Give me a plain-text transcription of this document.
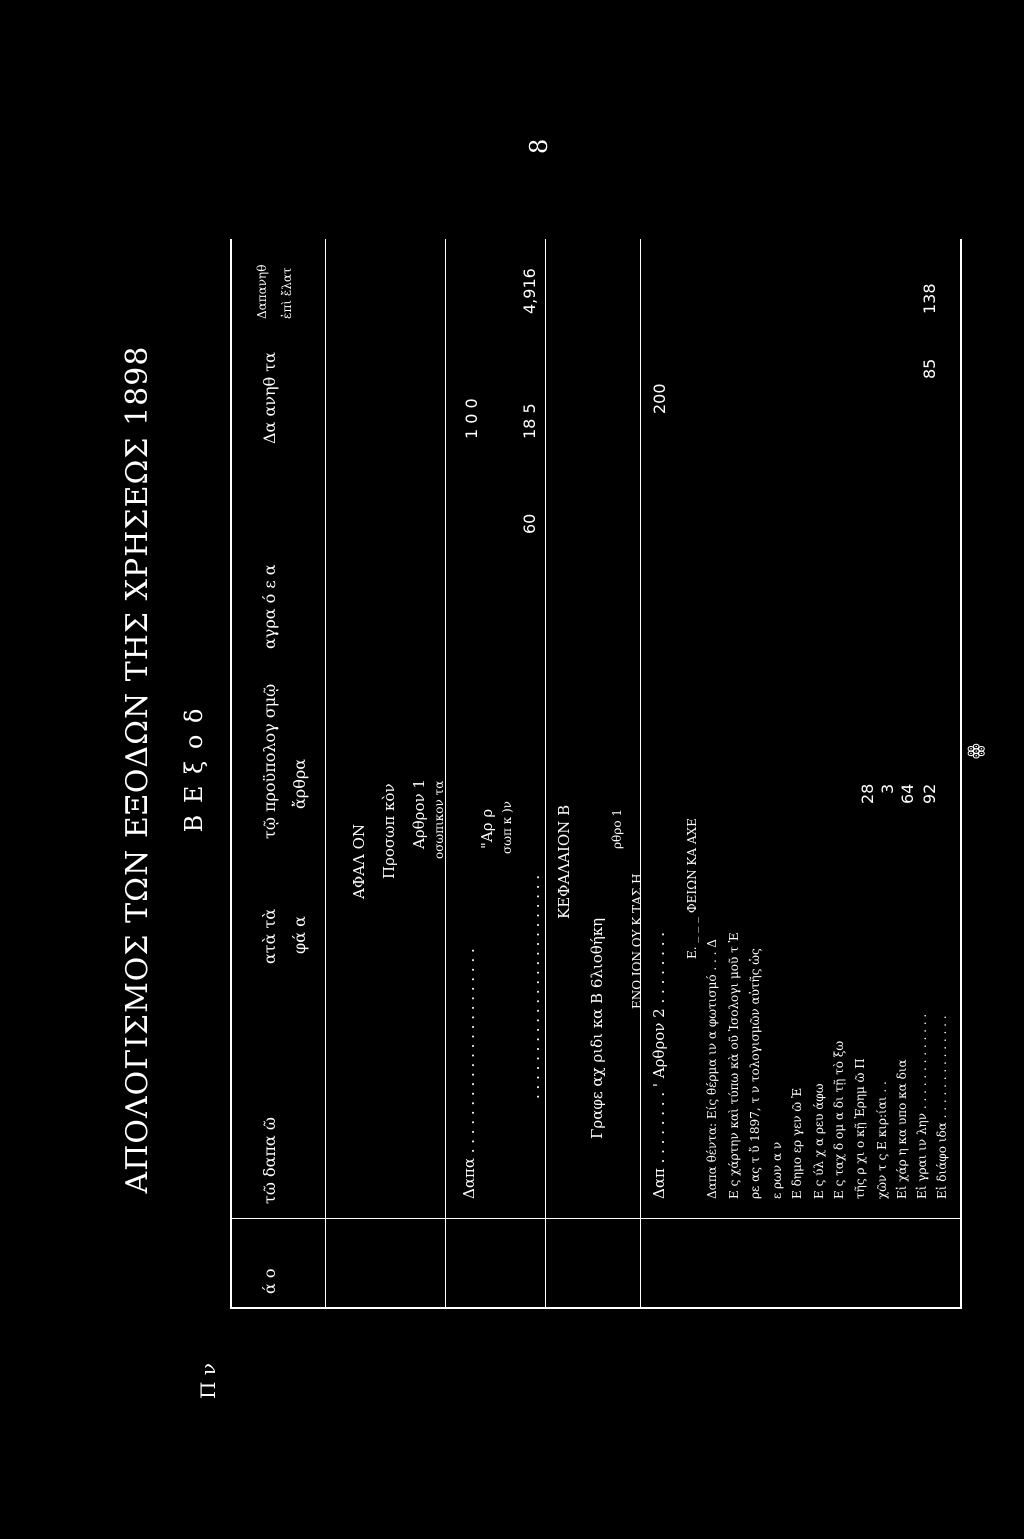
ΑΠΟΛΟΓΙΣΜΟΣ ΤΩΝ ΕΞΟΔΩΝ ΤΗΣ ΧΡΗΣΕΩΣ 1898 Β Ε ξ ο δ
Π ν
8
ꙮ
ά ο
τῶ δαπα ῶ
ατὰ τὰ φά α
τῷ προϋπολογ σμῷ ἄρθρα
αγρα ό ε α
Δα ανηθ τα
Δαπανηθ ἐπὶ ἔλατ
ΑΦΑΛ ΟΝ Προσωπ κὸν Αρθρον 1 οσωπικον τα
Δαπα . . . . . . . . . . . . . . . . . . . . . .
"Αρ ρ σωπ κ )ν
. . . . . . . . . . . . . . . . . . . . . . . .
ΚΕΦΑΛΑΙΟΝ Β
Γραφε αχ ριδι κα Β 6λιοθήκη
ρθρο 1
ΕΝΟ ΙΟΝ ΟΥ Κ ΤΑΣ Η Δαπ . . . . . . . . ' Αρθρον 2 . . . . . . . .
Ε. _ _ _ ΦΕΙΩΝ ΚΑ ΑΧΕ
Δαπα θέντα: Είς θέρμα ιν α φωτισμό . . . Δ Ε ς χάρτην καὶ τύπω κὰ οῦ Ἰσολογι μοῦ τ Ἐ ρε ας τ ὔ 1897, τ ν τολογισμῶν αὐτῆς ὡς ε ρων α ν Ε δημο ερ γεν ῶ Ἐ Ε ς ύλ χ α ρευ άφω Ε ς ταχ δ ομ α δι τῇ τὸ ξω τῆς ρ χι ο κῇ Ἐρημ ῶ Π χῶν τ ς Ε κιρ:ίαι . . Εἰ χάρ η κα υπο κα δια Εἰ γραι ιν λην . . . . . . . . . . . . . Εἰ διάφο ιδα . . . . . . . . . . . . . .
1 0 0
60
18 5
4,916
200
28 3 64 92
85
138
